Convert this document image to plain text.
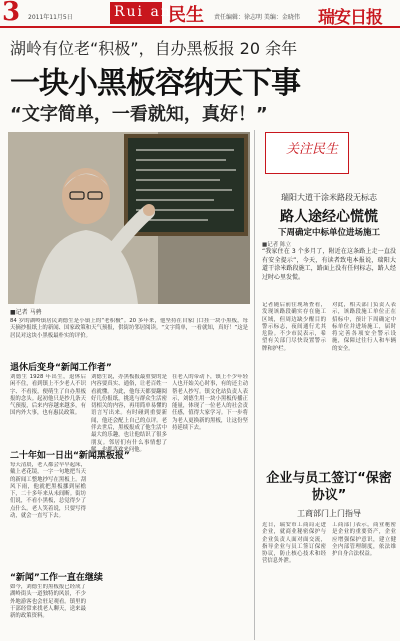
3 2011年11月5日	Rui an
民生 责任编辑：徐志明 美编：金晓伟 瑞安日报
湖岭有位老“积极”，自办黑板报 20 余年
一块小黑板容纳天下事
“文字简单，一看就知，真好！”
■记者 马骋
84 岁的湖岭镇居民刘德生是小镇上的“老积极”。20 多年来，他坚持在自家门口挂一块小黑板，每天摘抄报纸上的新闻、国家政策和天气预报，供街坊邻居阅读。“文字简单，一看就知，真好！”这是居民对这块小黑板最朴实的评价。
退休后变身“新闻工作者”
刘德生 1928 年出生，退休后闲不住，看到镇上不少老人不识字、不看报，便萌生了自办黑板报的念头。起初他只是抄几条天气预报，后来内容越来越多，有国内外大事，也有惠民政策。
二十年如一日出“新闻黑板报”
每天清晨，老人都会早早起床，戴上老花镜，一字一句地把当天的新闻工整地抄写在黑板上。刮风下雨，他就把黑板挪到屋檐下，二十多年来从未间断。街坊们说，不看小黑板，总觉得少了点什么。老人笑着说，只要写得动，就会一直写下去。
“新闻”工作一直在继续
如今，刘德生的黑板报已经成了湖岭街头一道独特的风景，不少外地游客也会驻足观看。镇里的干部经常来找老人聊天，送来最新的政策资料。
刘德生说，办黑板报最重要的是内容要真实、通俗，让老百姓一看就懂。为此，他每天都要翻阅好几份报纸，挑选与群众生活密切相关的内容，再用简单易懂的语言写出来。有时碰到重要新闻，他还会配上自己的点评。老伴去世后，黑板报成了他生活中最大的乐趣，也让他结识了很多朋友。邻居们有什么事情想了解，也都喜欢来问他。
在老人的带动下，镇上不少年轻人也开始关心时事，有的还主动帮老人抄写。镇文化站负责人表示，刘德生用一块小黑板传播正能量，体现了一位老人的社会责任感，值得大家学习。下一步将为老人更换新的黑板，让这份坚持延续下去。
关注民生
瑞阳大道干涂米路段无标志
路人途经心慌慌
下周确定中标单位进场施工
■记者 陈立
“我家住在 3 个多月了，附近在这条路上走一直没有安全提示”，今天，有读者致电本报说，瑞阳大道干涂米路段施工，路面上没有任何标志，路人经过时心里发慌。
记者随后前往现场查看，发现该路段确实存在施工区域，但周边缺少醒目的警示标志，夜间通行尤其危险。不少市民表示，希望有关部门尽快设置警示牌和护栏。
对此，相关部门负责人表示，该路段施工单位正在招标中，预计下周确定中标单位并进场施工，届时将完善各项安全警示设施，保障过往行人和车辆的安全。
企业与员工签订“保密协议”
工商部门上门指导
近日，瑞安市工商局走进企业，就商业秘密保护与企业负责人面对面交流，指导企业与员工签订保密协议，防止核心技术和经营信息外泄。
工商部门表示，商业秘密是企业的重要资产，企业应增强保护意识，建立健全内部管理制度，依法维护自身合法权益。
